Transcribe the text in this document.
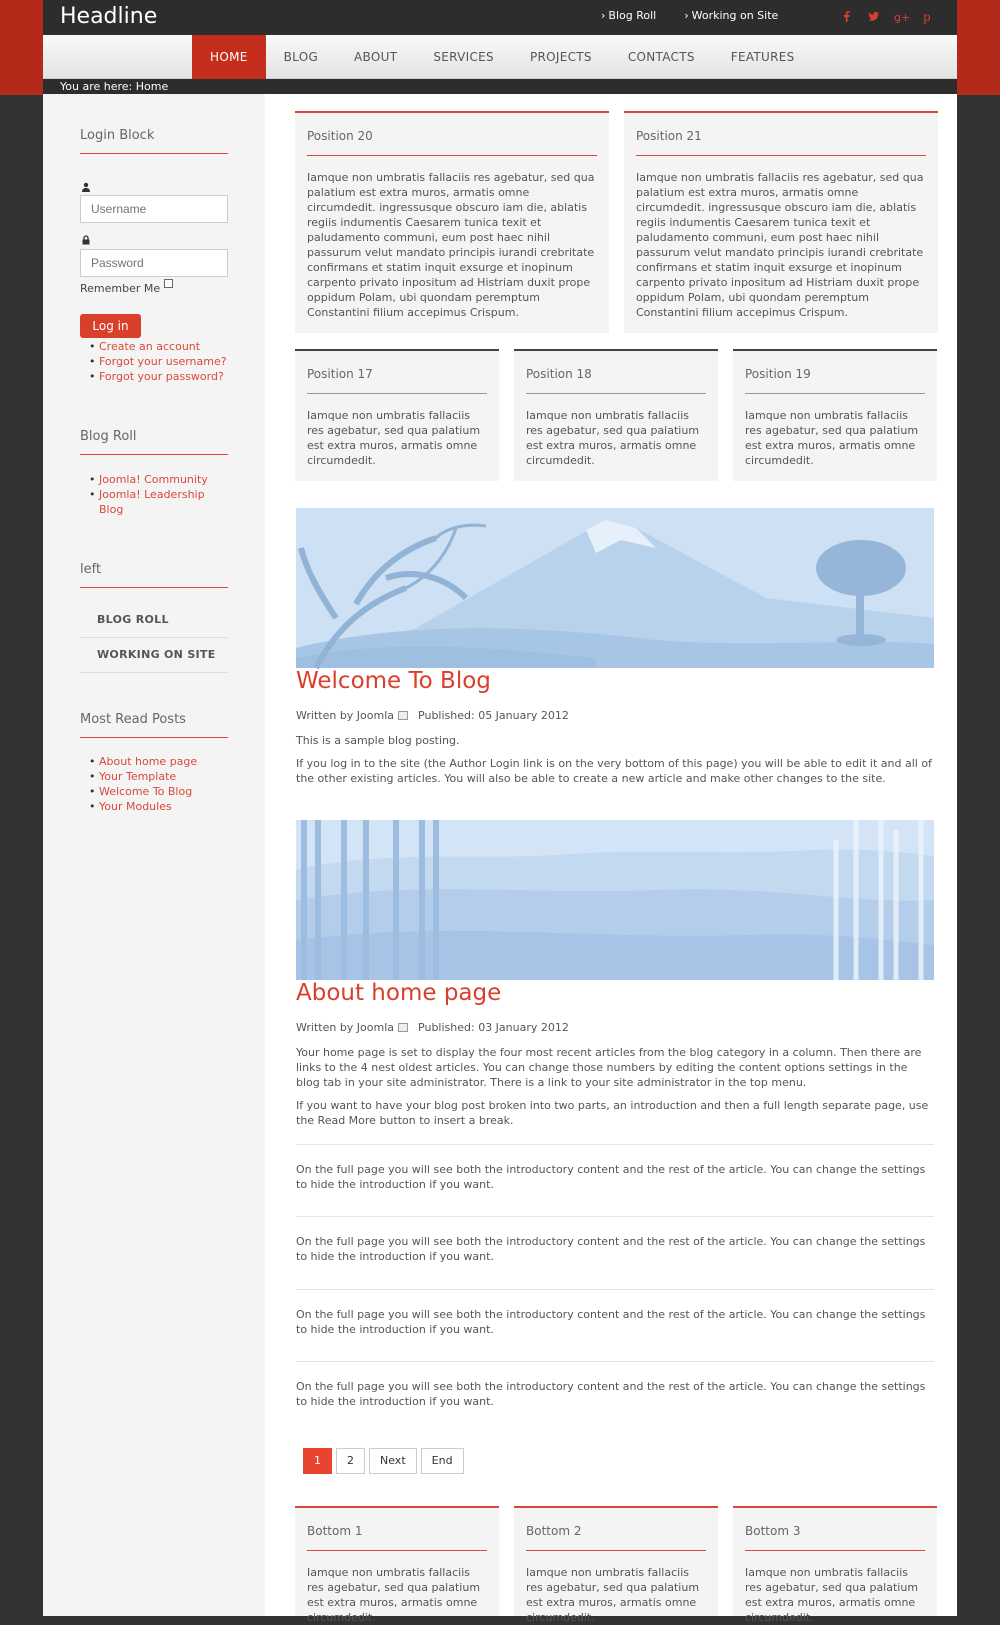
Headline	› Blog Roll	› Working on Site	g+ p
HOME	BLOG	ABOUT	SERVICES	PROJECTS	CONTACTS	FEATURES
You are here: Home
Login Block
Username
Remember Me
Log in
• Create an account
• Forgot your username?
• Forgot your password?
Blog Roll
• Joomla! Community
• Joomla! Leadership Blog
left
BLOG ROLL
WORKING ON SITE
Most Read Posts
• About home page
• Your Template
• Welcome To Blog
• Your Modules
Position 20

Iamque non umbratis fallaciis res agebatur, sed qua palatium est extra muros, armatis omne circumdedit. ingressusque obscuro iam die, ablatis regiis indumentis Caesarem tunica texit et paludamento communi, eum post haec nihil passurum velut mandato principis iurandi crebritate confirmans et statim inquit exsurge et inopinum carpento privato inpositum ad Histriam duxit prope oppidum Polam, ubi quondam peremptum Constantini filium accepimus Crispum.

Position 21

Iamque non umbratis fallaciis res agebatur, sed qua palatium est extra muros, armatis omne circumdedit. ingressusque obscuro iam die, ablatis regiis indumentis Caesarem tunica texit et paludamento communi, eum post haec nihil passurum velut mandato principis iurandi crebritate confirmans et statim inquit exsurge et inopinum carpento privato inpositum ad Histriam duxit prope oppidum Polam, ubi quondam peremptum Constantini filium accepimus Crispum.

Position 17

Iamque non umbratis fallaciis res agebatur, sed qua palatium est extra muros, armatis omne circumdedit.

Position 18

Iamque non umbratis fallaciis res agebatur, sed qua palatium est extra muros, armatis omne circumdedit.

Position 19

Iamque non umbratis fallaciis res agebatur, sed qua palatium est extra muros, armatis omne circumdedit.

Welcome To Blog
Written by Joomla Published: 05 January 2012
This is a sample blog posting.
If you log in to the site (the Author Login link is on the very bottom of this page) you will be able to edit it and all of the other existing articles. You will also be able to create a new article and make other changes to the site.
About home page
Written by Joomla Published: 03 January 2012
Your home page is set to display the four most recent articles from the blog category in a column. Then there are links to the 4 nest oldest articles. You can change those numbers by editing the content options settings in the blog tab in your site administrator. There is a link to your site administrator in the top menu.
If you want to have your blog post broken into two parts, an introduction and then a full length separate page, use the Read More button to insert a break.
On the full page you will see both the introductory content and the rest of the article. You can change the settings to hide the introduction if you want.
On the full page you will see both the introductory content and the rest of the article. You can change the settings to hide the introduction if you want.
On the full page you will see both the introductory content and the rest of the article. You can change the settings to hide the introduction if you want.
On the full page you will see both the introductory content and the rest of the article. You can change the settings to hide the introduction if you want.
1	2	Next	End
Bottom 1

Iamque non umbratis fallaciis res agebatur, sed qua palatium est extra muros, armatis omne circumdedit.

Bottom 2

Iamque non umbratis fallaciis res agebatur, sed qua palatium est extra muros, armatis omne circumdedit.

Bottom 3

Iamque non umbratis fallaciis res agebatur, sed qua palatium est extra muros, armatis omne circumdedit.
